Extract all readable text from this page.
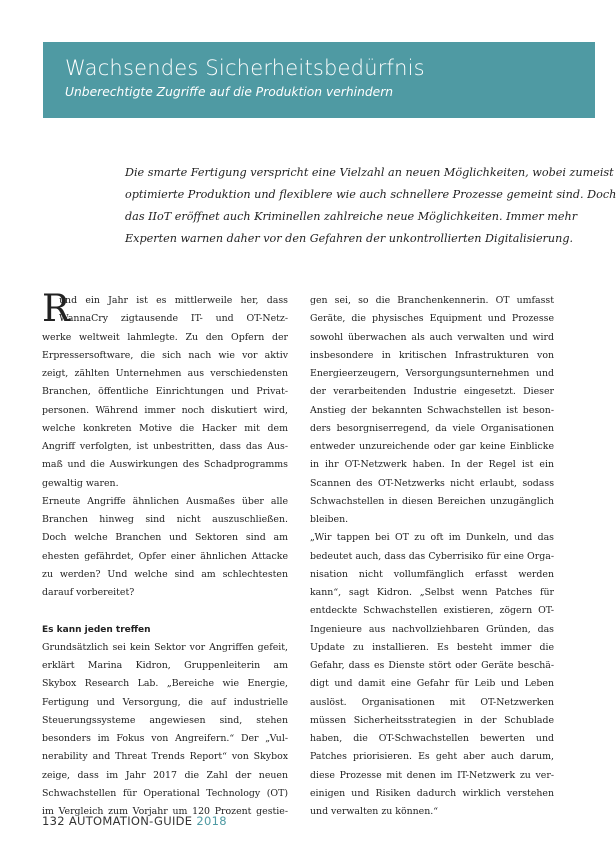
Wachsendes Sicherheitsbedürfnis
Unberechtigte Zugriffe auf die Produktion verhindern
Die smarte Fertigung verspricht eine Vielzahl an neuen Möglichkeiten, wobei zumeist
optimierte Produktion und flexiblere wie auch schnellere Prozesse gemeint sind. Doch
das IIoT eröffnet auch Kriminellen zahlreiche neue Möglichkeiten. Immer mehr
Experten warnen daher vor den Gefahren der unkontrollierten Digitalisierung.
R
und ein Jahr ist es mittlerweile her, dass
WannaCry zigtausende IT- und OT-Netz-
werke weltweit lahmlegte. Zu den Opfern der
Erpressersoftware, die sich nach wie vor aktiv
zeigt, zählten Unternehmen aus verschiedensten
Branchen, öffentliche Einrichtungen und Privat-
personen. Während immer noch diskutiert wird,
welche konkreten Motive die Hacker mit dem
Angriff verfolgten, ist unbestritten, dass das Aus-
maß und die Auswirkungen des Schadprogramms
gewaltig waren.
Erneute Angriffe ähnlichen Ausmaßes über alle
Branchen hinweg sind nicht auszuschließen.
Doch welche Branchen und Sektoren sind am
ehesten gefährdet, Opfer einer ähnlichen Attacke
zu werden? Und welche sind am schlechtesten
darauf vorbereitet?
Es kann jeden treffen
Grundsätzlich sei kein Sektor vor Angriffen gefeit,
erklärt Marina Kidron, Gruppenleiterin am
Skybox Research Lab. „Bereiche wie Energie,
Fertigung und Versorgung, die auf industrielle
Steuerungssysteme angewiesen sind, stehen
besonders im Fokus von Angreifern.“ Der „Vul-
nerability and Threat Trends Report“ von Skybox
zeige, dass im Jahr 2017 die Zahl der neuen
Schwachstellen für Operational Technology (OT)
im Vergleich zum Vorjahr um 120 Prozent gestie-
gen sei, so die Branchenkennerin. OT umfasst
Geräte, die physisches Equipment und Prozesse
sowohl überwachen als auch verwalten und wird
insbesondere in kritischen Infrastrukturen von
Energieerzeugern, Versorgungsunternehmen und
der verarbeitenden Industrie eingesetzt. Dieser
Anstieg der bekannten Schwachstellen ist beson-
ders besorgniserregend, da viele Organisationen
entweder unzureichende oder gar keine Einblicke
in ihr OT-Netzwerk haben. In der Regel ist ein
Scannen des OT-Netzwerks nicht erlaubt, sodass
Schwachstellen in diesen Bereichen unzugänglich
bleiben.
„Wir tappen bei OT zu oft im Dunkeln, und das
bedeutet auch, dass das Cyberrisiko für eine Orga-
nisation nicht vollumfänglich erfasst werden
kann“, sagt Kidron. „Selbst wenn Patches für
entdeckte Schwachstellen existieren, zögern OT-
Ingenieure aus nachvollziehbaren Gründen, das
Update zu installieren. Es besteht immer die
Gefahr, dass es Dienste stört oder Geräte beschä-
digt und damit eine Gefahr für Leib und Leben
auslöst. Organisationen mit OT-Netzwerken
müssen Sicherheitsstrategien in der Schublade
haben, die OT-Schwachstellen bewerten und
Patches priorisieren. Es geht aber auch darum,
diese Prozesse mit denen im IT-Netzwerk zu ver-
einigen und Risiken dadurch wirklich verstehen
und verwalten zu können.“
132 AUTOMATION-GUIDE 2018
